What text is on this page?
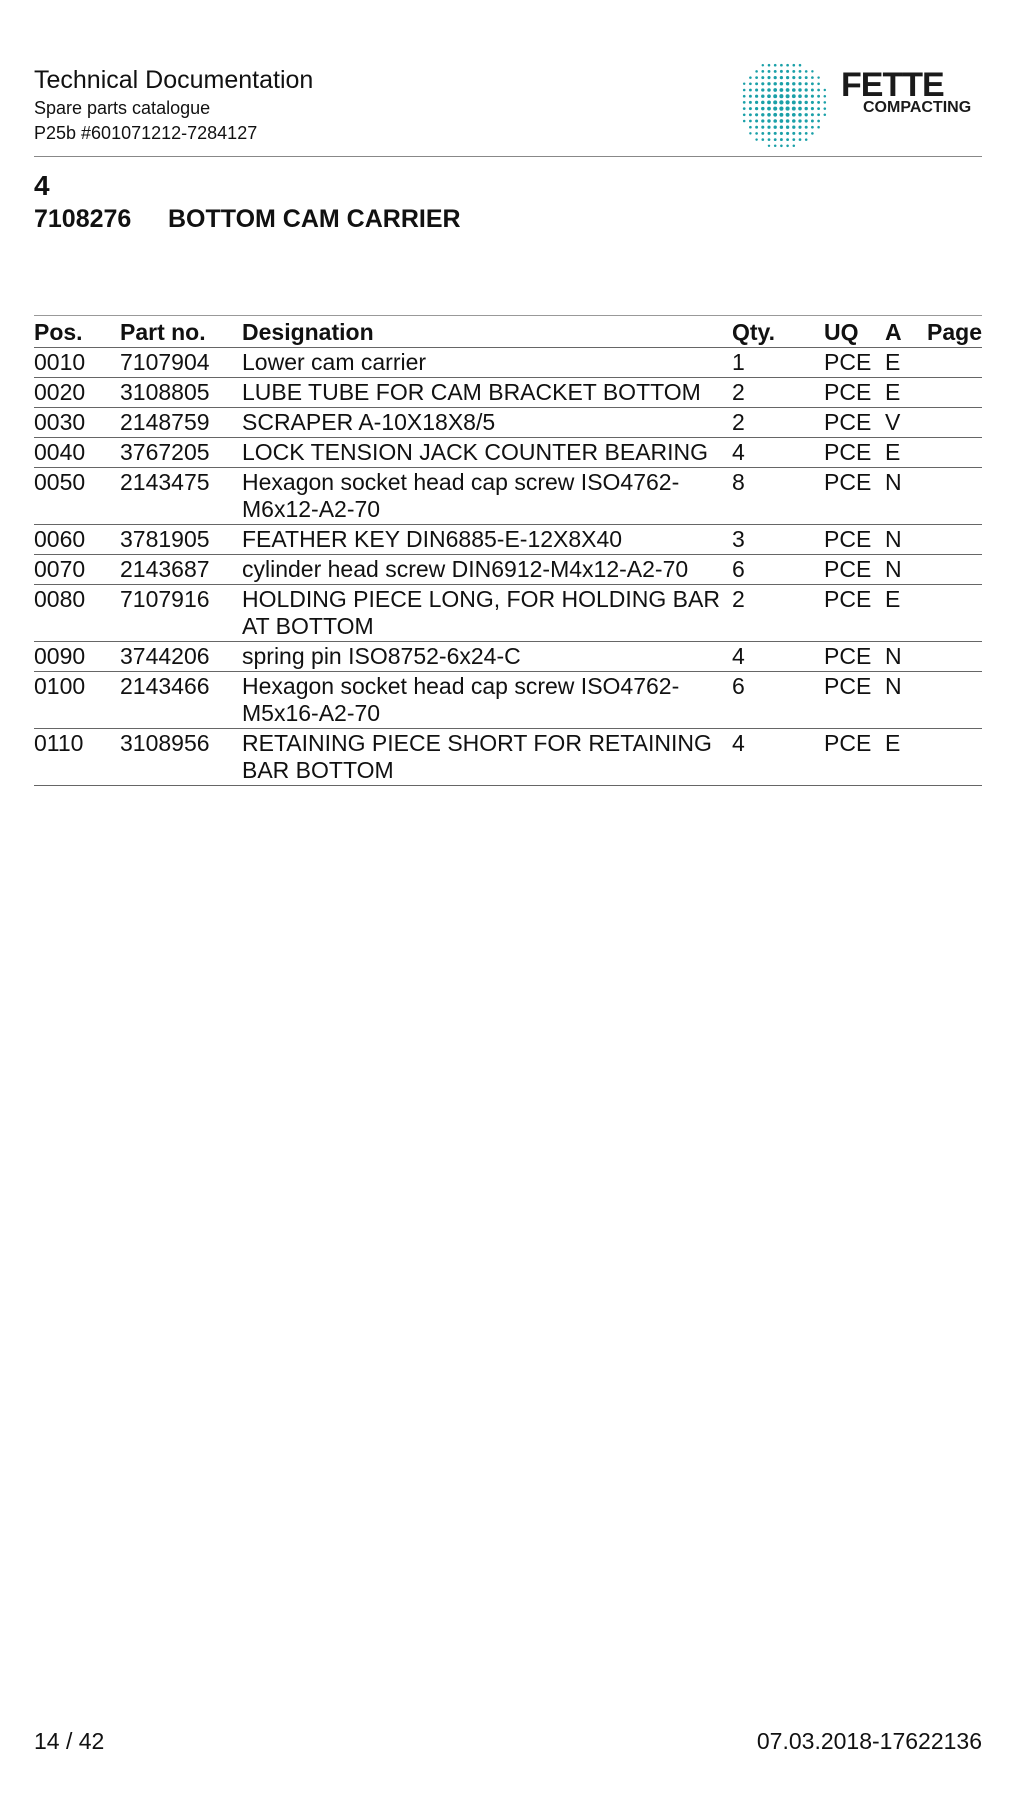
Technical Documentation
Spare parts catalogue
P25b #601071212-7284127
FETTE
COMPACTING
4
7108276 BOTTOM CAM CARRIER
Pos.	Part no.	Designation	Qty.	UQ	A	Page
0010	7107904	Lower cam carrier	1	PCE	E	
0020	3108805	LUBE TUBE FOR CAM BRACKET BOTTOM	2	PCE	E	
0030	2148759	SCRAPER A-10X18X8/5	2	PCE	V	
0040	3767205	LOCK TENSION JACK COUNTER BEARING	4	PCE	E	
0050	2143475	Hexagon socket head cap screw ISO4762-M6x12-A2-70	8	PCE	N	
0060	3781905	FEATHER KEY DIN6885-E-12X8X40	3	PCE	N	
0070	2143687	cylinder head screw DIN6912-M4x12-A2-70	6	PCE	N	
0080	7107916	HOLDING PIECE LONG, FOR HOLDING BAR AT BOTTOM	2	PCE	E	
0090	3744206	spring pin ISO8752-6x24-C	4	PCE	N	
0100	2143466	Hexagon socket head cap screw ISO4762-M5x16-A2-70	6	PCE	N	
0110	3108956	RETAINING PIECE SHORT FOR RETAINING BAR BOTTOM	4	PCE	E	
14 / 42	07.03.2018-17622136
